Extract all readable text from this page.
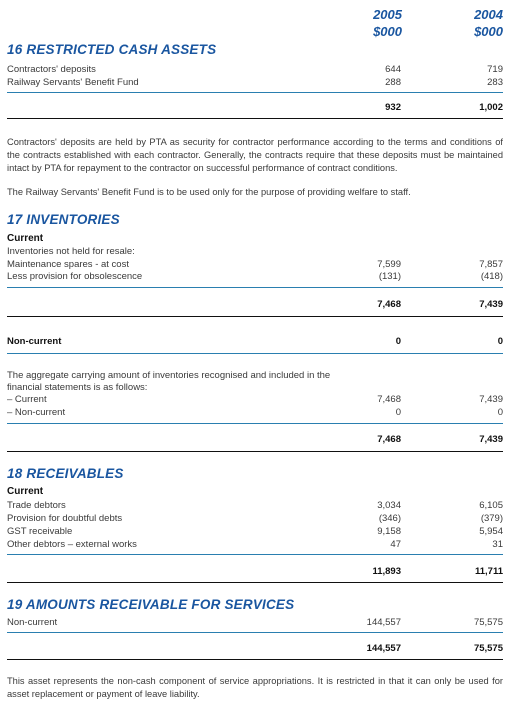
2005	2004
$000	$000
16 RESTRICTED CASH ASSETS
Contractors' deposits	644	719
Railway Servants' Benefit Fund	288	283
932	1,002
Contractors' deposits are held by PTA as security for contractor performance according to the terms and conditions of the contracts established with each contractor. Generally, the contracts require that these deposits must be maintained intact by PTA for repayment to the contractor on successful performance of contract conditions.
The Railway Servants' Benefit Fund is to be used only for the purpose of providing welfare to staff.
17 INVENTORIES
Current
Inventories not held for resale:
Maintenance spares - at cost	7,599	7,857
Less provision for obsolescence	(131)	(418)
7,468	7,439
Non-current	0	0
The aggregate carrying amount of inventories recognised and included in the
financial statements is as follows:
– Current	7,468	7,439
– Non-current	0	0
7,468	7,439
18 RECEIVABLES
Current
Trade debtors	3,034	6,105
Provision for doubtful debts	(346)	(379)
GST receivable	9,158	5,954
Other debtors – external works	47	31
11,893	11,711
19 AMOUNTS RECEIVABLE FOR SERVICES
Non-current	144,557	75,575
144,557	75,575
This asset represents the non-cash component of service appropriations. It is restricted in that it can only be used for asset replacement or payment of leave liability.
